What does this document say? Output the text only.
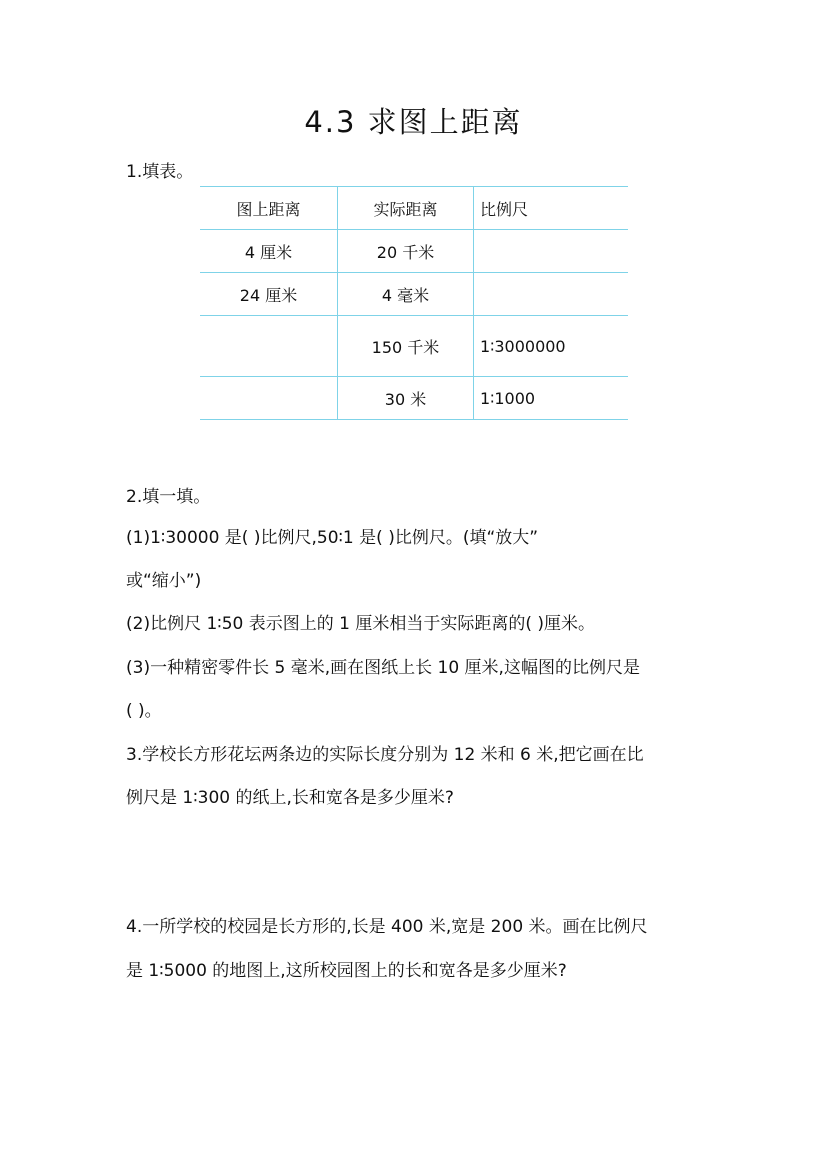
4.3 求图上距离

1.填表。

图上距离	实际距离	比例尺
4 厘米	20 千米	
24 厘米	4 毫米	
	150 千米	1∶3000000
	30 米	1∶1000

2.填一填。

(1)1∶30000 是( )比例尺,50∶1 是( )比例尺。(填“放大”

或“缩小”)

(2)比例尺 1∶50 表示图上的 1 厘米相当于实际距离的( )厘米。

(3)一种精密零件长 5 毫米,画在图纸上长 10 厘米,这幅图的比例尺是

( )。

3.学校长方形花坛两条边的实际长度分别为 12 米和 6 米,把它画在比

例尺是 1∶300 的纸上,长和宽各是多少厘米?

4.一所学校的校园是长方形的,长是 400 米,宽是 200 米。画在比例尺

是 1∶5000 的地图上,这所校园图上的长和宽各是多少厘米?
